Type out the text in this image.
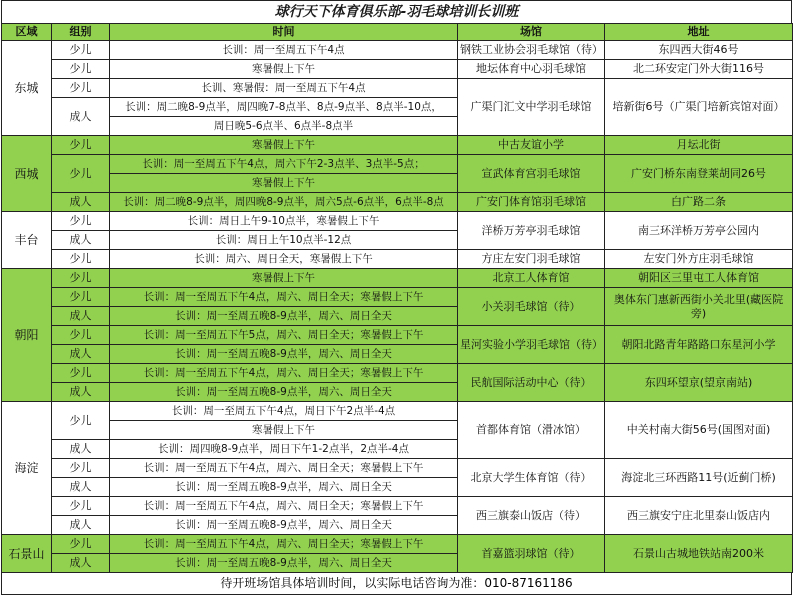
球行天下体育俱乐部-羽毛球培训长训班
区域	组别	时间	场馆	地址
东城	少儿	长训：周一至周五下午4点	钢铁工业协会羽毛球馆（待）	东四西大街46号
	少儿	寒暑假上下午	地坛体育中心羽毛球馆	北二环安定门外大街116号
	少儿	长训、寒暑假：周一至周五下午4点	广渠门汇文中学羽毛球馆	培新街6号（广渠门培新宾馆对面）
	成人	长训：周二晚8-9点半，周四晚7-8点半、8点-9点半、8点半-10点，		
		周日晚5-6点半、6点半-8点半		
西城	少儿	寒暑假上下午	中古友谊小学	月坛北街
	少儿	长训：周一至周五下午4点，周六下午2-3点半、3点半-5点；	宣武体育宫羽毛球馆	广安门桥东南登莱胡同26号
		寒暑假上下午		
	成人	长训：周二晚8-9点半，周四晚8-9点半，周六5点-6点半，6点半-8点	广安门体育馆羽毛球馆	白广路二条
丰台	少儿	长训：周日上午9-10点半，寒暑假上下午	洋桥万芳亭羽毛球馆	南三环洋桥万芳亭公园内
	成人	长训：周日上午10点半-12点		
	少儿	长训：周六、周日全天，寒暑假上下午	方庄左安门羽毛球馆	左安门外方庄羽毛球馆
朝阳	少儿	寒暑假上下午	北京工人体育馆	朝阳区三里屯工人体育馆
	少儿	长训：周一至周五下午4点，周六、周日全天；寒暑假上下午	小关羽毛球馆（待）	奥体东门惠新西街小关北里(藏医院旁)
	成人	长训：周一至周五晚8-9点半，周六、周日全天		
	少儿	长训：周一至周五下午5点，周六、周日全天；寒暑假上下午	星河实验小学羽毛球馆（待）	朝阳北路青年路路口东星河小学
	成人	长训：周一至周五晚8-9点半，周六、周日全天		
	少儿	长训：周一至周五下午4点，周六、周日全天；寒暑假上下午	民航国际活动中心（待）	东四环望京(望京南站)
	成人	长训：周一至周五晚8-9点半，周六、周日全天		
海淀	少儿	长训：周一至周五下午4点，周日下午2点半-4点	首都体育馆（滑冰馆）	中关村南大街56号(国图对面)
		寒暑假上下午		
	成人	长训：周四晚8-9点半，周日下午1-2点半，2点半-4点		
	少儿	长训：周一至周五下午4点，周六、周日全天；寒暑假上下午	北京大学生体育馆（待）	海淀北三环西路11号(近蓟门桥)
	成人	长训：周一至周五晚8-9点半，周六、周日全天		
	少儿	长训：周一至周五下午4点，周六、周日全天；寒暑假上下午	西三旗泰山饭店（待）	西三旗安宁庄北里泰山饭店内
	成人	长训：周一至周五晚8-9点半，周六、周日全天		
石景山	少儿	长训：周一至周五下午4点，周六、周日全天；寒暑假上下午	首嘉篮羽球馆（待）	石景山古城地铁站南200米
	成人	长训：周一至周五晚8-9点半，周六、周日全天		
待开班场馆具体培训时间，以实际电话咨询为准：010-87161186
